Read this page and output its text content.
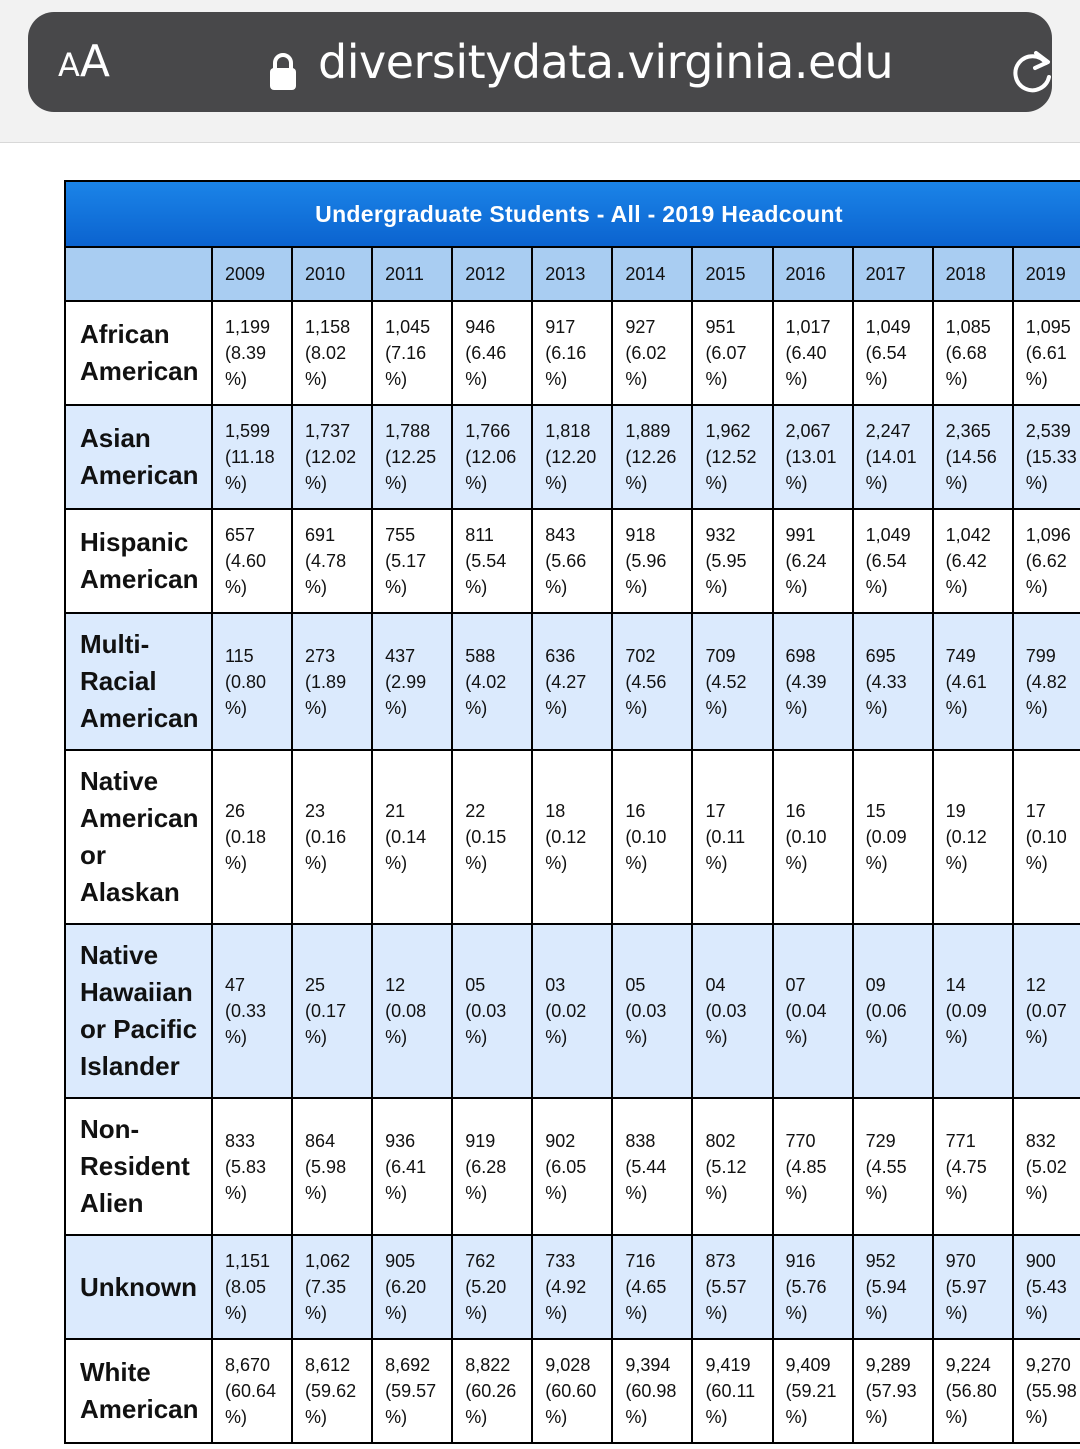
AA	diversitydata.virginia.edu
Undergraduate Students - All - 2019 Headcount											
	2009	2010	2011	2012	2013	2014	2015	2016	2017	2018	2019
African American	1,199
(8.39
%)	1,158
(8.02
%)	1,045
(7.16
%)	946
(6.46
%)	917
(6.16
%)	927
(6.02
%)	951
(6.07
%)	1,017
(6.40
%)	1,049
(6.54
%)	1,085
(6.68
%)	1,095
(6.61
%)
Asian American	1,599
(11.18
%)	1,737
(12.02
%)	1,788
(12.25
%)	1,766
(12.06
%)	1,818
(12.20
%)	1,889
(12.26
%)	1,962
(12.52
%)	2,067
(13.01
%)	2,247
(14.01
%)	2,365
(14.56
%)	2,539
(15.33
%)
Hispanic American	657
(4.60
%)	691
(4.78
%)	755
(5.17
%)	811
(5.54
%)	843
(5.66
%)	918
(5.96
%)	932
(5.95
%)	991
(6.24
%)	1,049
(6.54
%)	1,042
(6.42
%)	1,096
(6.62
%)
Multi-Racial American	115
(0.80
%)	273
(1.89
%)	437
(2.99
%)	588
(4.02
%)	636
(4.27
%)	702
(4.56
%)	709
(4.52
%)	698
(4.39
%)	695
(4.33
%)	749
(4.61
%)	799
(4.82
%)
Native American or Alaskan	26
(0.18
%)	23
(0.16
%)	21
(0.14
%)	22
(0.15
%)	18
(0.12
%)	16
(0.10
%)	17
(0.11
%)	16
(0.10
%)	15
(0.09
%)	19
(0.12
%)	17
(0.10
%)
Native Hawaiian or Pacific Islander	47
(0.33
%)	25
(0.17
%)	12
(0.08
%)	05
(0.03
%)	03
(0.02
%)	05
(0.03
%)	04
(0.03
%)	07
(0.04
%)	09
(0.06
%)	14
(0.09
%)	12
(0.07
%)
Non-Resident Alien	833
(5.83
%)	864
(5.98
%)	936
(6.41
%)	919
(6.28
%)	902
(6.05
%)	838
(5.44
%)	802
(5.12
%)	770
(4.85
%)	729
(4.55
%)	771
(4.75
%)	832
(5.02
%)
Unknown	1,151
(8.05
%)	1,062
(7.35
%)	905
(6.20
%)	762
(5.20
%)	733
(4.92
%)	716
(4.65
%)	873
(5.57
%)	916
(5.76
%)	952
(5.94
%)	970
(5.97
%)	900
(5.43
%)
White American	8,670
(60.64
%)	8,612
(59.62
%)	8,692
(59.57
%)	8,822
(60.26
%)	9,028
(60.60
%)	9,394
(60.98
%)	9,419
(60.11
%)	9,409
(59.21
%)	9,289
(57.93
%)	9,224
(56.80
%)	9,270
(55.98
%)
